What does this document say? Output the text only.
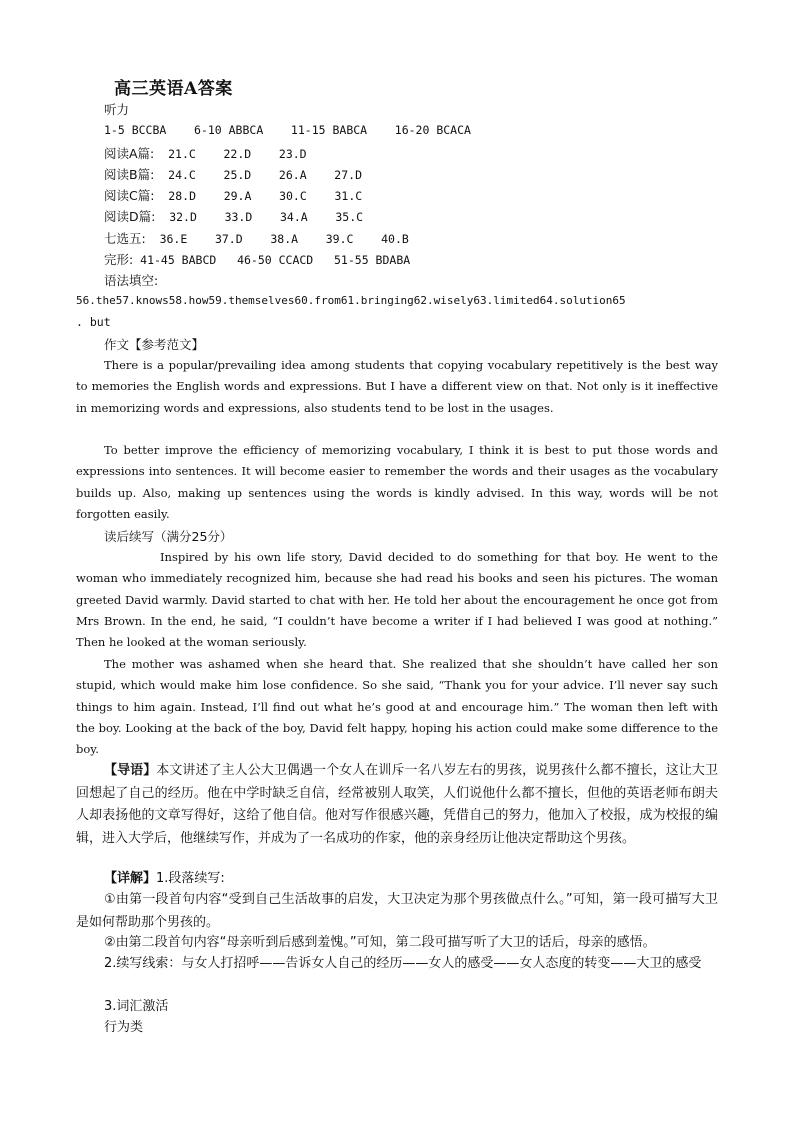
高三英语A答案
听力
1-5 BCCBA    6-10 ABBCA    11-15 BABCA    16-20 BCACA
阅读A篇:  21.C    22.D    23.D
阅读B篇:  24.C    25.D    26.A    27.D
阅读C篇:  28.D    29.A    30.C    31.C
阅读D篇:  32.D    33.D    34.A    35.C
七选五:  36.E    37.D    38.A    39.C    40.B
完形: 41-45 BABCD   46-50 CCACD   51-55 BDABA
语法填空:
56.the57.knows58.how59.themselves60.from61.bringing62.wisely63.limited64.solution65
. but
作文【参考范文】

There is a popular/prevailing idea among students that copying vocabulary repetitively is the best way to memories the English words and expressions. But I have a different view on that. Not only is it ineffective in memorizing words and expressions, also students tend to be lost in the usages.

To better improve the efficiency of memorizing vocabulary, I think it is best to put those words and expressions into sentences. It will become easier to remember the words and their usages as the vocabulary builds up. Also, making up sentences using the words is kindly advised. In this way, words will be not forgotten easily.

读后续写（满分25分）

Inspired by his own life story, David decided to do something for that boy. He went to the woman who immediately recognized him, because she had read his books and seen his pictures. The woman greeted David warmly. David started to chat with her. He told her about the encouragement he once got from Mrs Brown. In the end, he said, “I couldn’t have become a writer if I had believed I was good at nothing.” Then he looked at the woman seriously.

The mother was ashamed when she heard that. She realized that she shouldn’t have called her son stupid, which would make him lose confidence. So she said, “Thank you for your advice. I’ll never say such things to him again. Instead, I’ll find out what he’s good at and encourage him.” The woman then left with the boy. Looking at the back of the boy, David felt happy, hoping his action could make some difference to the boy.

【导语】本文讲述了主人公大卫偶遇一个女人在训斥一名八岁左右的男孩，说男孩什么都不擅长，这让大卫回想起了自己的经历。他在中学时缺乏自信，经常被别人取笑，人们说他什么都不擅长，但他的英语老师布朗夫人却表扬他的文章写得好，这给了他自信。他对写作很感兴趣，凭借自己的努力，他加入了校报，成为校报的编辑，进入大学后，他继续写作，并成为了一名成功的作家，他的亲身经历让他决定帮助这个男孩。

【详解】1.段落续写:

①由第一段首句内容“受到自己生活故事的启发，大卫决定为那个男孩做点什么。”可知，第一段可描写大卫是如何帮助那个男孩的。

②由第二段首句内容“母亲听到后感到羞愧。”可知，第二段可描写听了大卫的话后，母亲的感悟。

2.续写线索：与女人打招呼——告诉女人自己的经历——女人的感受——女人态度的转变——大卫的感受

3.词汇激活

行为类
